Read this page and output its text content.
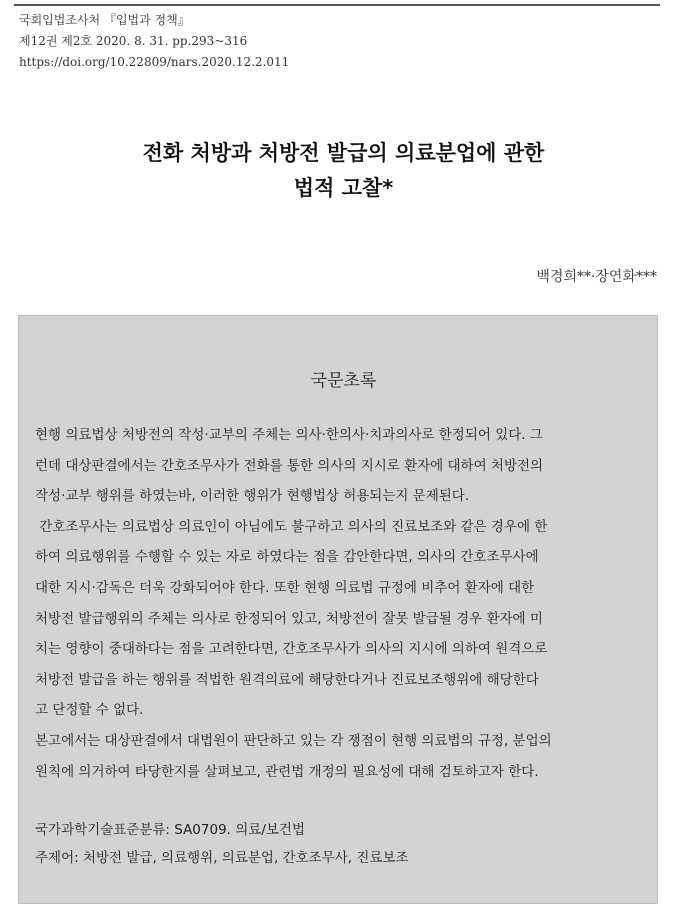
국회입법조사처 『입법과 정책』
제12권 제2호 2020. 8. 31. pp.293~316
https://doi.org/10.22809/nars.2020.12.2.011
전화 처방과 처방전 발급의 의료분업에 관한
법적 고찰*
백경희**·장연화***
국문초록
현행 의료법상 처방전의 작성·교부의 주체는 의사·한의사·치과의사로 한정되어 있다. 그
런데 대상판결에서는 간호조무사가 전화를 통한 의사의 지시로 환자에 대하여 처방전의
작성·교부 행위를 하였는바, 이러한 행위가 현행법상 허용되는지 문제된다.
간호조무사는 의료법상 의료인이 아님에도 불구하고 의사의 진료보조와 같은 경우에 한
하여 의료행위를 수행할 수 있는 자로 하였다는 점을 감안한다면, 의사의 간호조무사에
대한 지시·감독은 더욱 강화되어야 한다. 또한 현행 의료법 규정에 비추어 환자에 대한
처방전 발급행위의 주체는 의사로 한정되어 있고, 처방전이 잘못 발급될 경우 환자에 미
치는 영향이 중대하다는 점을 고려한다면, 간호조무사가 의사의 지시에 의하여 원격으로
처방전 발급을 하는 행위를 적법한 원격의료에 해당한다거나 진료보조행위에 해당한다
고 단정할 수 없다.
본고에서는 대상판결에서 대법원이 판단하고 있는 각 쟁점이 현행 의료법의 규정, 분업의
원칙에 의거하여 타당한지를 살펴보고, 관련법 개정의 필요성에 대해 검토하고자 한다.
국가과학기술표준분류: SA0709. 의료/보건법
주제어: 처방전 발급, 의료행위, 의료분업, 간호조무사, 진료보조
